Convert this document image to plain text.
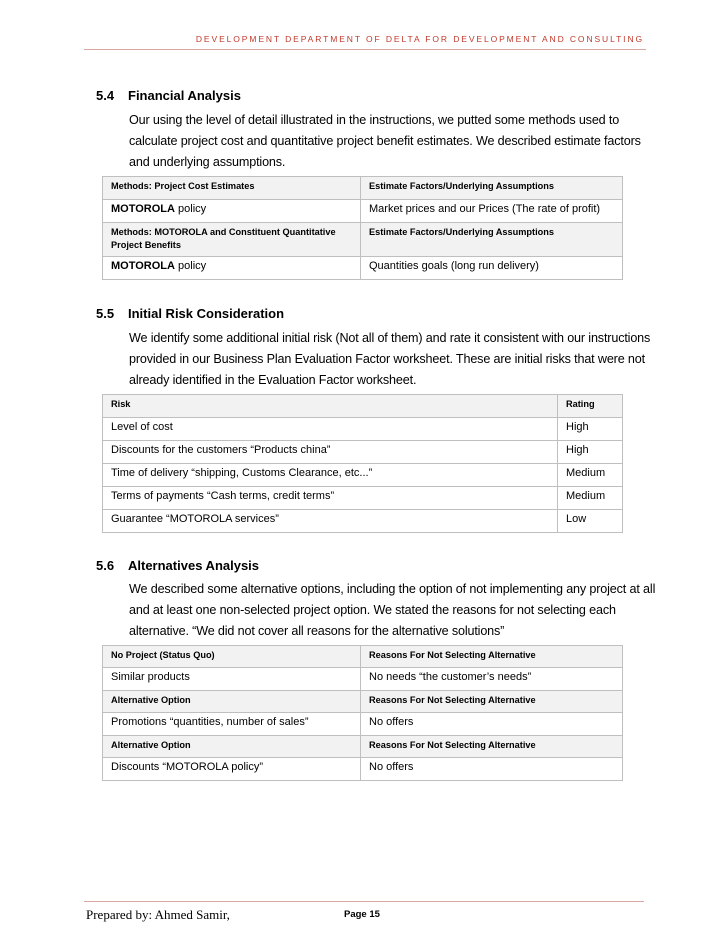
DEVELOPMENT DEPARTMENT OF DELTA FOR DEVELOPMENT AND CONSULTING
5.4 Financial Analysis
Our using the level of detail illustrated in the instructions, we putted some methods used to
calculate project cost and quantitative project benefit estimates. We described estimate factors
and underlying assumptions.
Methods: Project Cost Estimates	Estimate Factors/Underlying Assumptions
MOTOROLA policy	Market prices and our Prices (The rate of profit)
Methods: MOTOROLA and Constituent Quantitative Project Benefits	Estimate Factors/Underlying Assumptions
MOTOROLA policy	Quantities goals (long run delivery)
5.5 Initial Risk Consideration
We identify some additional initial risk (Not all of them) and rate it consistent with our instructions
provided in our Business Plan Evaluation Factor worksheet. These are initial risks that were not
already identified in the Evaluation Factor worksheet.
Risk	Rating
Level of cost	High
Discounts for the customers “Products china”	High
Time of delivery “shipping, Customs Clearance, etc...”	Medium
Terms of payments “Cash terms, credit terms”	Medium
Guarantee “MOTOROLA services”	Low
5.6 Alternatives Analysis
We described some alternative options, including the option of not implementing any project at all
and at least one non-selected project option. We stated the reasons for not selecting each
alternative. “We did not cover all reasons for the alternative solutions”
No Project (Status Quo)	Reasons For Not Selecting Alternative
Similar products	No needs “the customer’s needs”
Alternative Option	Reasons For Not Selecting Alternative
Promotions “quantities, number of sales”	No offers
Alternative Option	Reasons For Not Selecting Alternative
Discounts “MOTOROLA policy”	No offers
Prepared by: Ahmed Samir,	Page 15
